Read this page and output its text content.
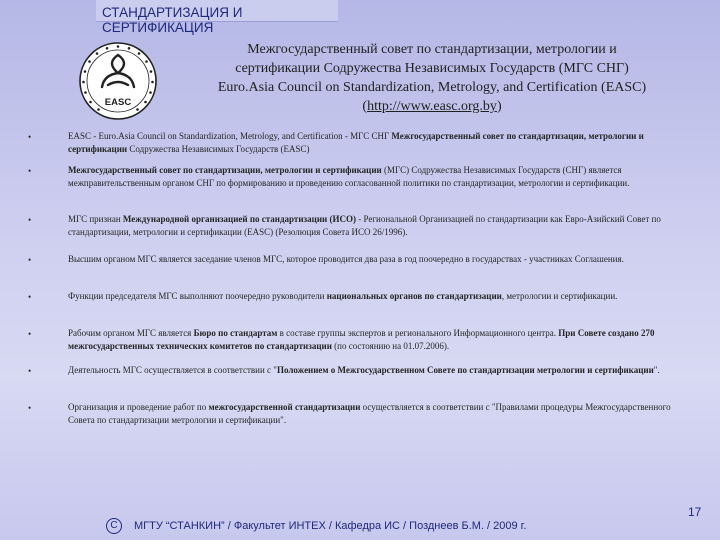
СТАНДАРТИЗАЦИЯ И
СЕРТИФИКАЦИЯ
EASC
Межгосударственный совет по стандартизации, метрологии и
сертификации Содружества Независимых Государств (МГС СНГ)
Euro.Asia Council on Standardization, Metrology, and Certification (EASC)
(http://www.easc.org.by)
•	EASC - Euro.Asia Council on Standardization, Metrology, and Certification - МГС СНГ Межгосударственный совет по стандартизации, метрологии и сертификации Содружества Независимых Государств (EASC)
•	Межгосударственный совет по стандартизации, метрологии и сертификации (МГС) Содружества Независимых Государств (СНГ) является межправительственным органом СНГ по формированию и проведению согласованной политики по стандартизации, метрологии и сертификации.
•	МГС признан Международной организацией по стандартизации (ИСО) - Региональной Организацией по стандартизации как Евро-Азийский Совет по стандартизации, метрологии и сертификации (EASC) (Резолюция Совета ИСО 26/1996).
•	Высшим органом МГС является заседание членов МГС, которое проводится два раза в год поочередно в государствах - участниках Соглашения.
•	Функции председателя МГС выполняют поочередно руководители национальных органов по стандартизации, метрологии и сертификации.
•	Рабочим органом МГС является Бюро по стандартам в составе группы экспертов и регионального Информационного центра. При Совете создано 270 межгосударственных технических комитетов по стандартизации (по состоянию на 01.07.2006).
•	Деятельность МГС осуществляется в соответствии с "Положением о Межгосударственном Совете по стандартизации метрологии и сертификации".
•	Организация и проведение работ по межгосударственной стандартизации осуществляется в соответствии с "Правилами процедуры Межгосударственного Совета по стандартизации метрологии и сертификации".
C МГТУ “СТАНКИН” / Факультет ИНТЕХ / Кафедра ИС / Позднеев Б.М. / 2009 г.
17
